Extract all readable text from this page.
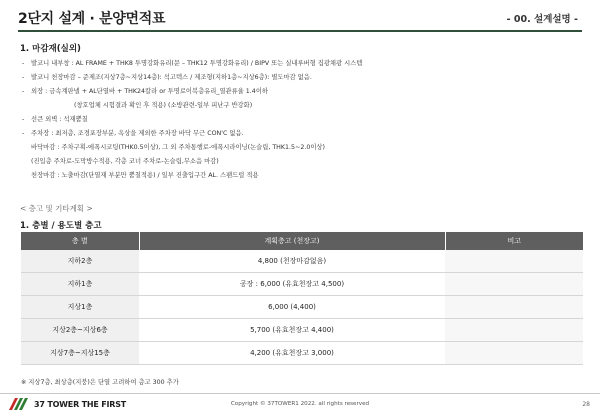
2단지 설계 · 분양면적표	- 00. 설계설명 -
1. 마감재(실외)
- 발코니 내부창 : AL FRAME + THK8 투명강화유리(문 – THK12 투명강화유리) / BIPV 또는 실내루버형 집광채광 시스템
- 발코니 천장마감 – 준제조(지상7층~지상14층): 석고텍스 / 제조형(지하1층~지상6층): 별도마감 없음.
- 외장 : 금속계판넬 + AL단열바 + THK24칼라 or 투명로이복층유리_열관류율 1.4이하
(창호업체 시험결과 확인 후 적용) (소방관련-일부 피난구 반강화)
- 선큰 외벽 : 석재뿜칠
- 주차장 : 최저층, 조경포장부분, 옥상을 제외한 주차장 바닥 무근 CON'C 없음.
바닥마감 : 주차구획-에폭시코팅(THK0.5이상), 그 외 주차통행로-에폭시라이닝(논슬립, THK1.5~2.0이상)
(진입층 주차로-도막방수적용, 각층 코너 주차로-논슬립,무소음 마감)
천장마감 : 노출마감(단열재 부분만 뿜칠적용) / 일부 진출입구간 AL. 스팬드럴 적용
< 층고 및 기타계획 >
1. 층별 / 용도별 층고
층 별	계획층고 (천장고)	비고
지하2층	4,800 (천장마감없음)	
지하1층	공장 : 6,000 (유효천장고 4,500)	
지상1층	6,000 (4,400)	
지상2층~지상6층	5,700 (유효천장고 4,400)	
지상7층~지상15층	4,200 (유효천장고 3,000)	
※ 지상7층, 최상층(지붕)은 단열 고려하여 층고 300 추가
37 TOWER THE FIRST	Copyright © 37TOWER1 2022. all rights reserved	28
